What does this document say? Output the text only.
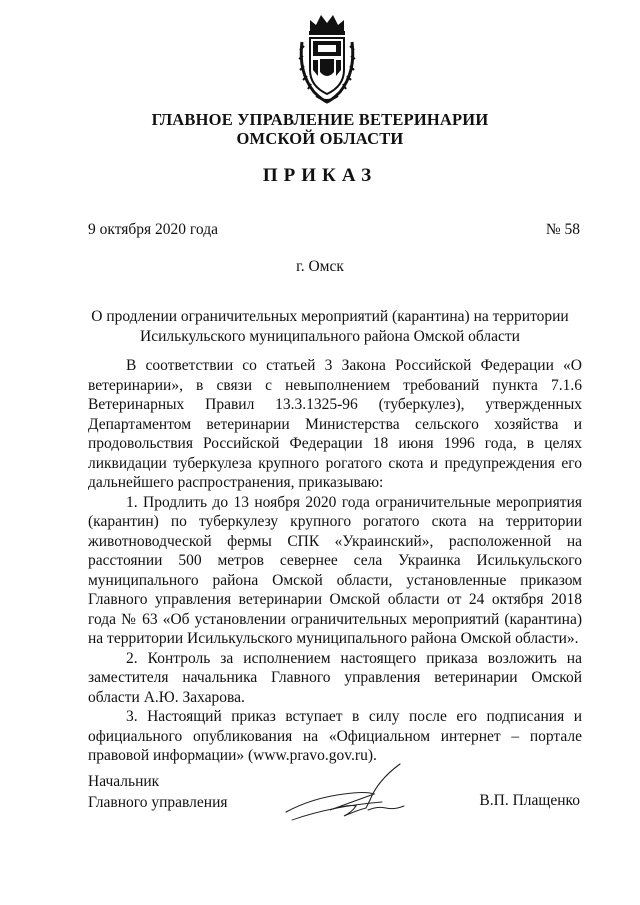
ГЛАВНОЕ УПРАВЛЕНИЕ ВЕТЕРИНАРИИ
ОМСКОЙ ОБЛАСТИ
ПРИКАЗ
9 октября 2020 года	№ 58
г. Омск
О продлении ограничительных мероприятий (карантина) на территории Исилькульского муниципального района Омской области

В соответствии со статьей 3 Закона Российской Федерации «О ветеринарии», в связи с невыполнением требований пункта 7.1.6 Ветеринарных Правил 13.3.1325-96 (туберкулез), утвержденных Департаментом ветеринарии Министерства сельского хозяйства и продовольствия Российской Федерации 18 июня 1996 года, в целях ликвидации туберкулеза крупного рогатого скота и предупреждения его дальнейшего распространения, приказываю:

1. Продлить до 13 ноября 2020 года ограничительные мероприятия (карантин) по туберкулезу крупного рогатого скота на территории животноводческой фермы СПК «Украинский», расположенной на расстоянии 500 метров севернее села Украинка Исилькульского муниципального района Омской области, установленные приказом Главного управления ветеринарии Омской области от 24 октября 2018 года № 63 «Об установлении ограничительных мероприятий (карантина) на территории Исилькульского муниципального района Омской области».

2. Контроль за исполнением настоящего приказа возложить на заместителя начальника Главного управления ветеринарии Омской области А.Ю. Захарова.

3. Настоящий приказ вступает в силу после его подписания и официального опубликования на «Официальном интернет – портале правовой информации» (www.pravo.gov.ru).

Начальник
Главного управления	В.П. Плащенко
